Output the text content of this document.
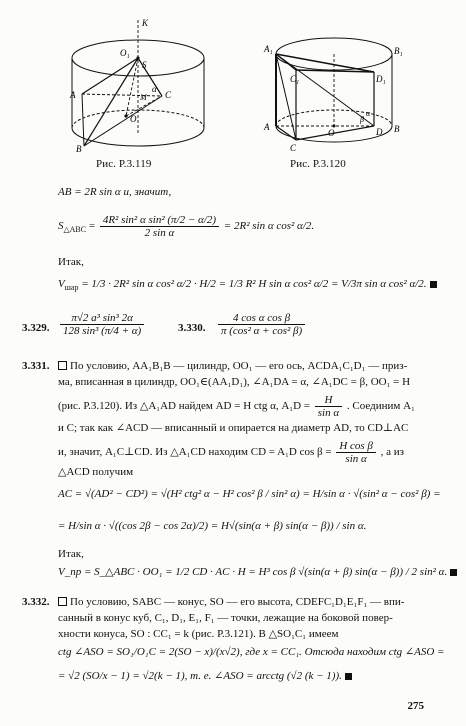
K
O₁
S
A
B
C
M
O
α
Рис. Р.3.119
A₁	B₁
C₁	D₁
A
C
B
D
O
β
α
Рис. Р.3.120
AB = 2R sin α и, значит,
$S_{\triangle ABC} = \frac{\text{4R² sin² α sin² (π/2 − α/2)}}{\text{2 sin α}} = 2R^2$ sin α cos² α/2.
Итак,
$V_{шар} = 1/3 \cdot 2R^2$ sin α cos² α/2 · H/2 = 1/3 R² H sin α cos² α/2 = V/3π sin α cos² α/2.
3.329. $\frac{\text{π√2 a³ sin³ 2α}}{\text{128 sin³ (π/4 + α)}}$	3.330. $\frac{\text{4 cos α cos β}}{\text{π (cos² α + cos² β)}}$
3.331.	По условию, AA₁B₁B — цилиндр, OO₁ — его ось, ACDA₁C₁D₁ — приз-
ма, вписанная в цилиндр, OO₁∈(AA₁D₁), ∠A₁DA = α, ∠A₁DC = β, OO₁ = H
(рис. Р.3.120). Из △A₁AD найдем AD = H ctg α, $A_1D = \frac{H}{\text{sin α}}$ . Соединим A₁
и C; так как ∠ACD — вписанный и опирается на диаметр AD, то CD⊥AC
и, значит, A₁C⊥CD. Из △A₁CD находим CD = A₁D $\cos \beta = \frac{\text{H cos β}}{\text{sin α}}$ , а из
△ACD получим
AC = √(AD² − CD²) = √(H² ctg² α − H² cos² β / sin² α) = H/sin α · √(sin² α − cos² β) =
= H/sin α · √((cos 2β − cos 2α)/2) = H√(sin(α + β) sin(α − β)) / sin α.
Итак,
V_пр = S_△ABC · OO₁ = 1/2 CD · AC · H = H³ cos β √(sin(α + β) sin(α − β)) / 2 sin² α.
3.332.	По условию, SABC — конус, SO — его высота, CDEFC₁D₁E₁F₁ — впи-
санный в конус куб, C₁, D₁, E₁, F₁ — точки, лежащие на боковой повер-
хности конуса, SO : CC₁ = k (рис. Р.3.121). В △SO₁C₁ имеем
ctg ∠ASO = SO₁/O₁C = 2(SO − x)/(x√2), где x = CC₁. Отсюда находим ctg ∠ASO =
= √2 (SO/x − 1) = √2(k − 1), т. е. ∠ASO = arcctg (√2 (k − 1)).
275
